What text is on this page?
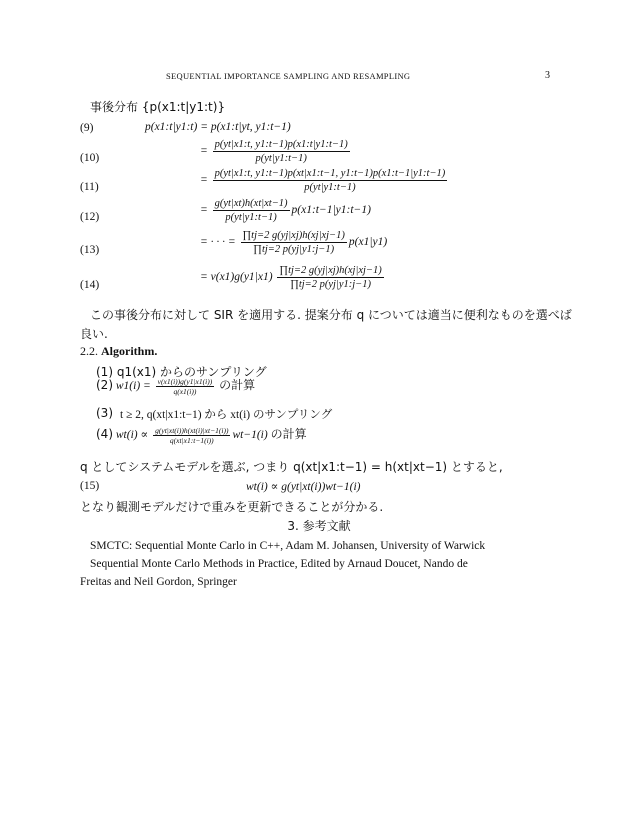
SEQUENTIAL IMPORTANCE SAMPLING AND RESAMPLING	3
事後分布 {p(x1:t|y1:t)}
(9)	p(x1:t|y1:t) = p(x1:t|yt, y1:t−1)
(10)
= $\frac{p(yt|x1:t, y1:t-1)p(x1:t|y1:t-1)}{p(yt|y1:t-1)}$
(11)
= $\frac{p(yt|x1:t, y1:t-1)p(xt|x1:t-1, y1:t-1)p(x1:t-1|y1:t-1)}{p(yt|y1:t-1)}$
(12)
= $\frac{g(yt|xt)h(xt|xt-1)}{p(yt|y1:t-1)}$ p(x1:t−1|y1:t−1)
(13)
= · · · = $\frac{\prod tj=2 g(yj|xj)h(xj|xj-1)}{\prod tj=2 p(yj|y1:j-1)} p(x1|y1)$
(14)
= $\nu(x1)g(y1|x1) \frac{\prod tj=2 g(yj|xj)h(xj|xj-1)}{\prod tj=2 p(yj|y1:j-1)}$
この事後分布に対して SIR を適用する. 提案分布 q については適当に便利なものを選べば
良い.
2.2. Algorithm.
(1) q1(x1) からのサンプリング
(2) $w1(i) = \frac{\nu(x1(i))g(y1|x1(i))}{q(x1(i))}$ の計算
(3) t ≥ 2, q(xt|x1:t−1) から xt(i) のサンプリング
(4) $wt(i) \propto \frac{g(yt|xt(i))h(xt(i)|xt-1(i))}{q(xt|x1:t-1(i))} wt-1(i)$ の計算
q としてシステムモデルを選ぶ, つまり q(xt|x1:t−1) = h(xt|xt−1) とすると,
(15)	wt(i) ∝ g(yt|xt(i))wt−1(i)
となり観測モデルだけで重みを更新できることが分かる.
3. 参考文献
SMCTC: Sequential Monte Carlo in C++, Adam M. Johansen, University of Warwick
Sequential Monte Carlo Methods in Practice, Edited by Arnaud Doucet, Nando de
Freitas and Neil Gordon, Springer
